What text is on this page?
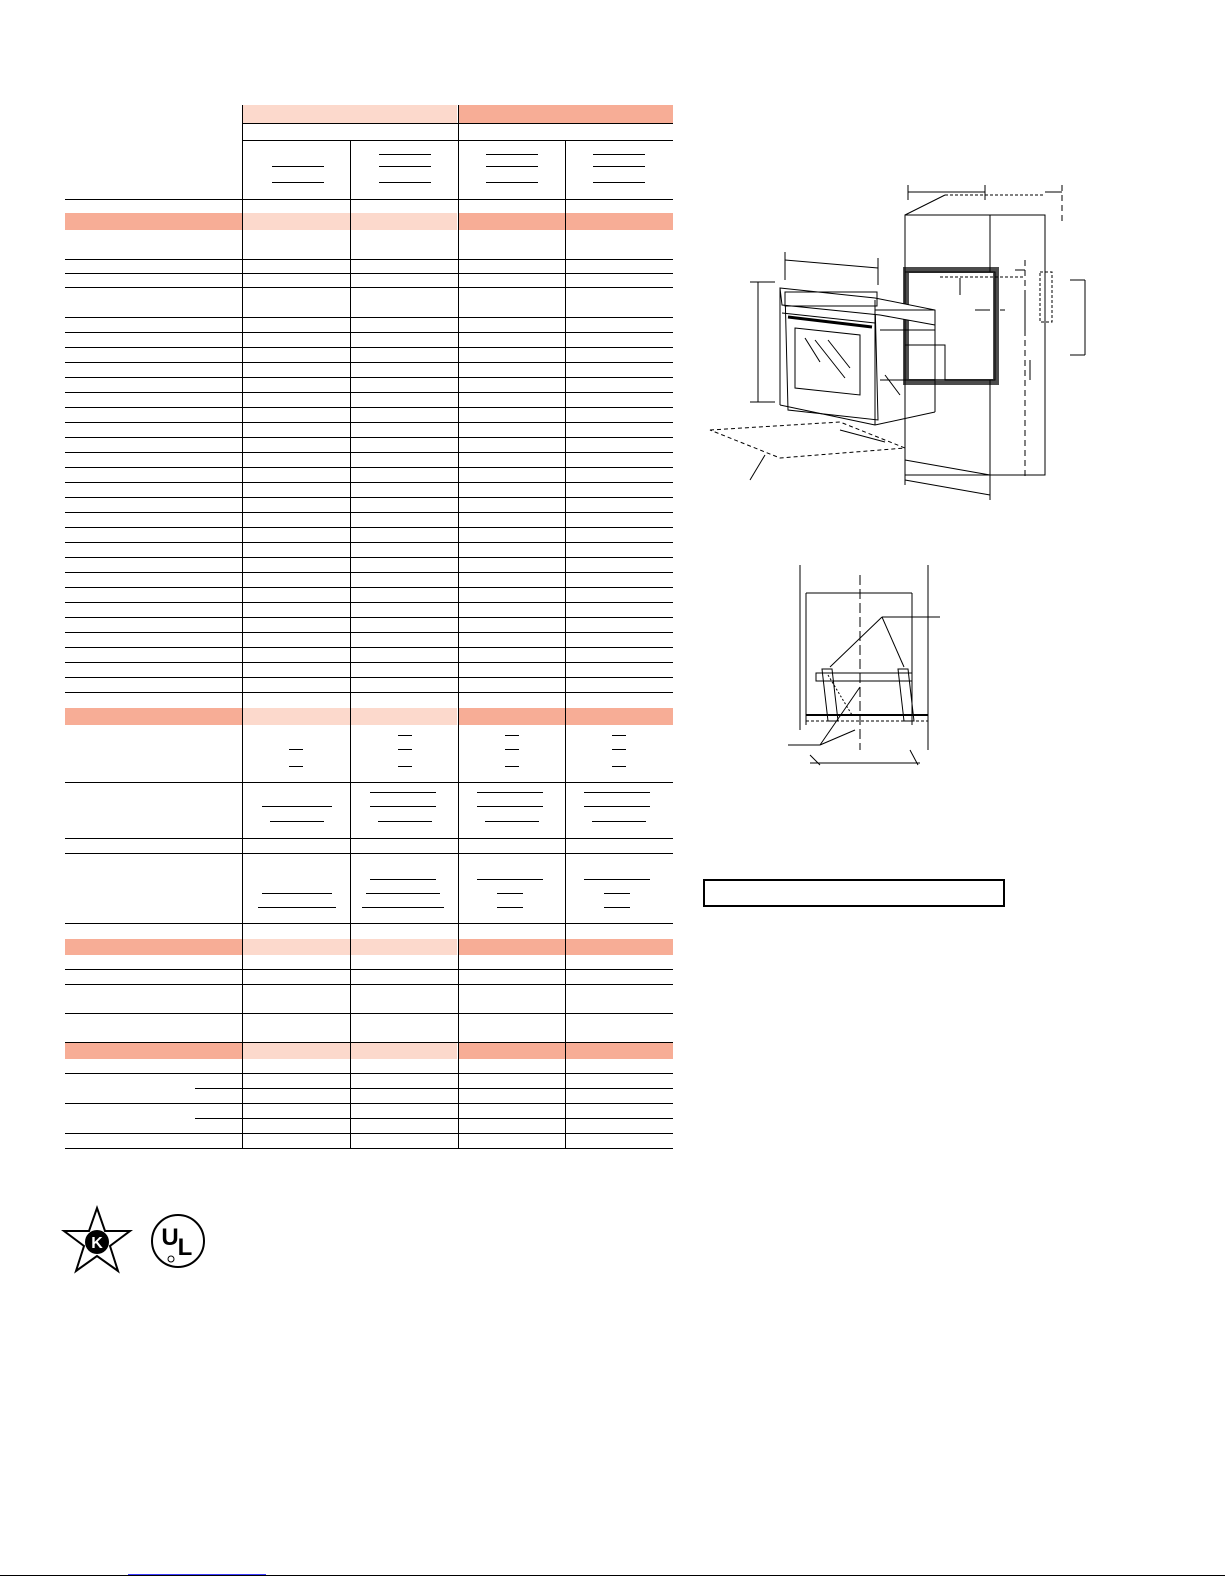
K U
L
